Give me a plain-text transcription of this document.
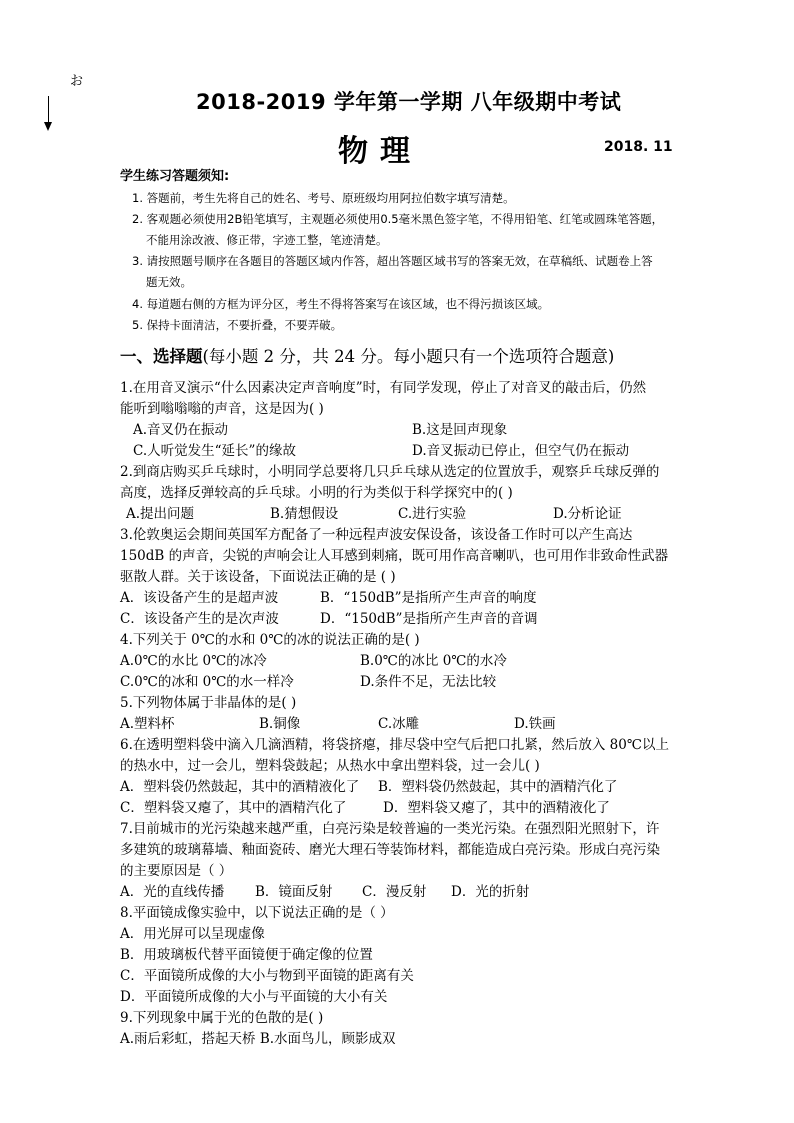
お
2018-2019 学年第一学期 八年级期中考试
物理	2018. 11
学生练习答题须知:
1. 答题前，考生先将自己的姓名、考号、原班级均用阿拉伯数字填写清楚。
2. 客观题必须使用2B铅笔填写，主观题必须使用0.5毫米黑色签字笔，不得用铅笔、红笔或圆珠笔答题，
不能用涂改液、修正带，字迹工整，笔迹清楚。
3. 请按照题号顺序在各题目的答题区域内作答，超出答题区域书写的答案无效，在草稿纸、试题卷上答
题无效。
4. 每道题右侧的方框为评分区，考生不得将答案写在该区域，也不得污损该区域。
5. 保持卡面清洁，不要折叠，不要弄破。
一、选择题(每小题 2 分，共 24 分。每小题只有一个选项符合题意)
1.在用音叉演示“什么因素决定声音响度”时，有同学发现，停止了对音叉的敲击后，仍然
能听到嗡嗡嗡的声音，这是因为( )
A.音叉仍在振动	B.这是回声现象
C.人听觉发生“延长”的缘故	D.音叉振动已停止，但空气仍在振动
2.到商店购买乒乓球时，小明同学总要将几只乒乓球从选定的位置放手，观察乒乓球反弹的
高度，选择反弹较高的乒乓球。小明的行为类似于科学探究中的( )
A.提出问题	B.猜想假设	C.进行实验	D.分析论证
3.伦敦奥运会期间英国军方配备了一种远程声波安保设备，该设备工作时可以产生高达
150dB 的声音，尖锐的声响会让人耳感到刺痛，既可用作高音喇叭，也可用作非致命性武器
驱散人群。关于该设备，下面说法正确的是 ( )
A．该设备产生的是超声波	B．“150dB”是指所产生声音的响度
C．该设备产生的是次声波	D．“150dB”是指所产生声音的音调
4.下列关于 0℃的水和 0℃的冰的说法正确的是( )
A.0℃的水比 0℃的冰冷	B.0℃的冰比 0℃的水冷
C.0℃的冰和 0℃的水一样冷	D.条件不足，无法比较
5.下列物体属于非晶体的是( )
A.塑料杯	B.铜像	C.冰雕	D.铁画
6.在透明塑料袋中滴入几滴酒精，将袋挤瘪，排尽袋中空气后把口扎紧，然后放入 80℃以上
的热水中，过一会儿，塑料袋鼓起；从热水中拿出塑料袋，过一会儿( )
A．塑料袋仍然鼓起，其中的酒精液化了 B．塑料袋仍然鼓起，其中的酒精汽化了
C．塑料袋又瘪了，其中的酒精汽化了	D．塑料袋又瘪了，其中的酒精液化了
7.目前城市的光污染越来越严重，白亮污染是较普遍的一类光污染。在强烈阳光照射下，许
多建筑的玻璃幕墙、釉面瓷砖、磨光大理石等装饰材料，都能造成白亮污染。形成白亮污染
的主要原因是（ ）
A．光的直线传播 B．镜面反射 C．漫反射 D．光的折射
8.平面镜成像实验中，以下说法正确的是（ ）
A．用光屏可以呈现虚像
B．用玻璃板代替平面镜便于确定像的位置
C．平面镜所成像的大小与物到平面镜的距离有关
D．平面镜所成像的大小与平面镜的大小有关
9.下列现象中属于光的色散的是( )
A.雨后彩虹，搭起天桥 B.水面鸟儿，顾影成双
